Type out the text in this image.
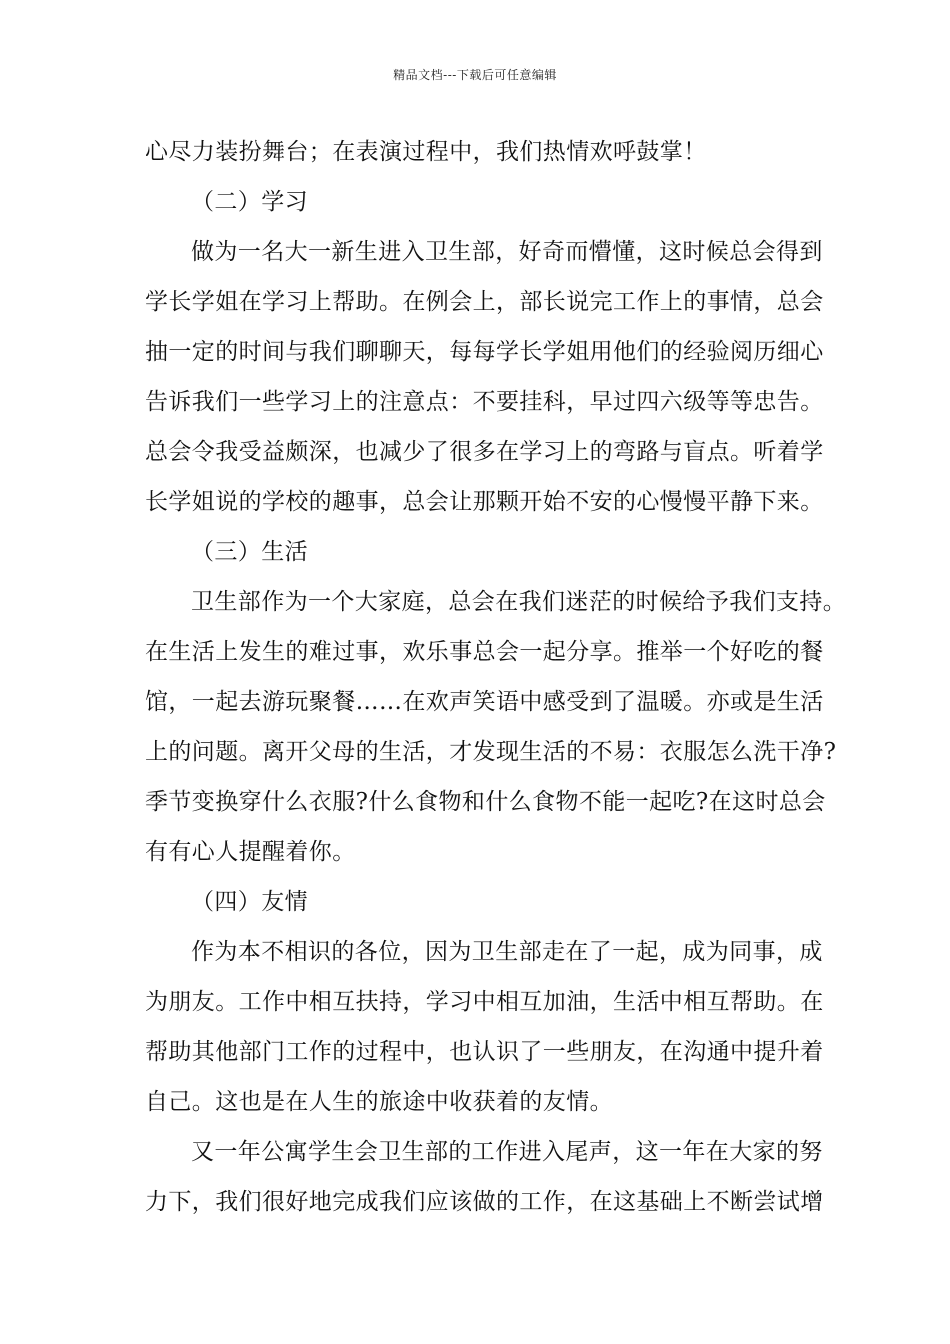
精品文档---下载后可任意编辑
心尽力装扮舞台；在表演过程中，我们热情欢呼鼓掌！
（二）学习
做为一名大一新生进入卫生部，好奇而懵懂，这时候总会得到
学长学姐在学习上帮助。在例会上，部长说完工作上的事情，总会
抽一定的时间与我们聊聊天，每每学长学姐用他们的经验阅历细心
告诉我们一些学习上的注意点：不要挂科，早过四六级等等忠告。
总会令我受益颇深，也减少了很多在学习上的弯路与盲点。听着学
长学姐说的学校的趣事，总会让那颗开始不安的心慢慢平静下来。
（三）生活
卫生部作为一个大家庭，总会在我们迷茫的时候给予我们支持。
在生活上发生的难过事，欢乐事总会一起分享。推举一个好吃的餐
馆，一起去游玩聚餐……在欢声笑语中感受到了温暖。亦或是生活
上的问题。离开父母的生活，才发现生活的不易：衣服怎么洗干净?
季节变换穿什么衣服?什么食物和什么食物不能一起吃?在这时总会
有有心人提醒着你。
（四）友情
作为本不相识的各位，因为卫生部走在了一起，成为同事，成
为朋友。工作中相互扶持，学习中相互加油，生活中相互帮助。在
帮助其他部门工作的过程中，也认识了一些朋友，在沟通中提升着
自己。这也是在人生的旅途中收获着的友情。
又一年公寓学生会卫生部的工作进入尾声，这一年在大家的努
力下，我们很好地完成我们应该做的工作，在这基础上不断尝试增
